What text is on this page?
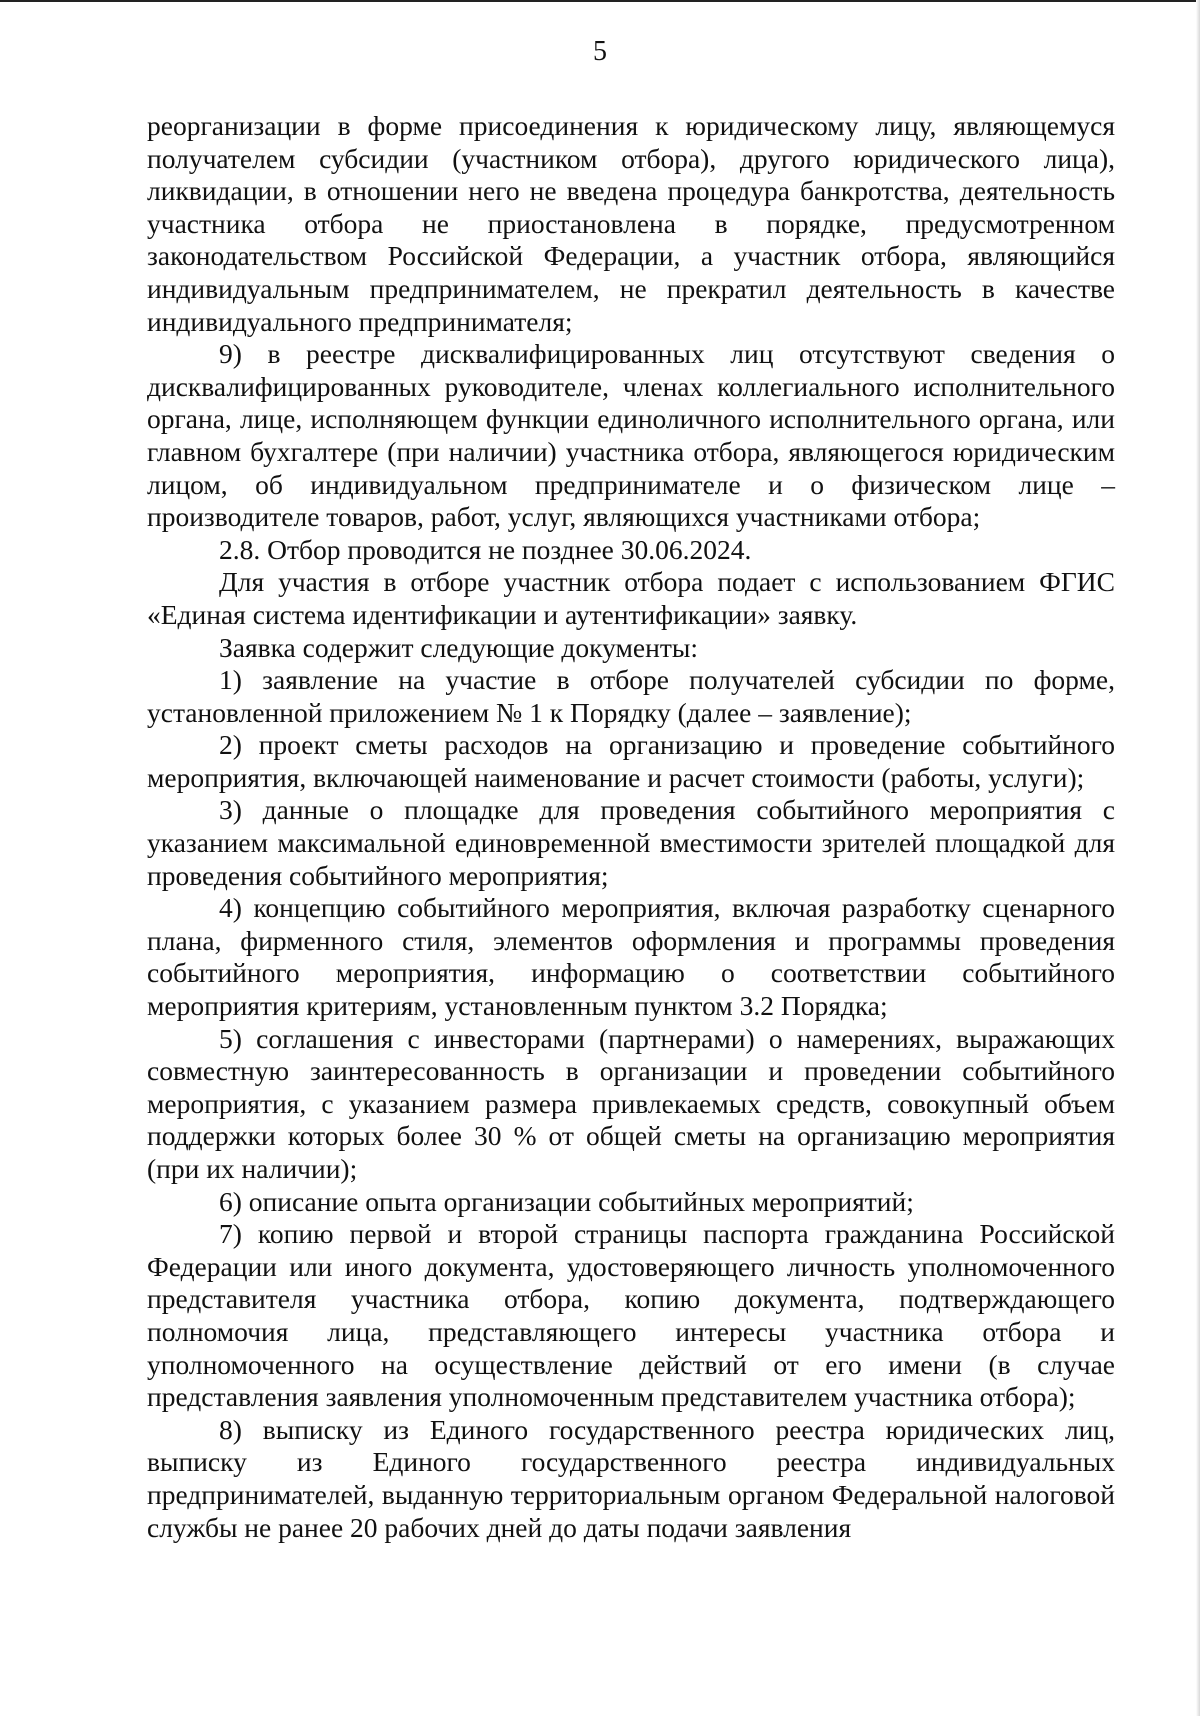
5

реорганизации в форме присоединения к юридическому лицу, являющемуся получателем субсидии (участником отбора), другого юридического лица), ликвидации, в отношении него не введена процедура банкротства, деятельность участника отбора не приостановлена в порядке, предусмотренном законодательством Российской Федерации, а участник отбора, являющийся индивидуальным предпринимателем, не прекратил деятельность в качестве индивидуального предпринимателя;

9) в реестре дисквалифицированных лиц отсутствуют сведения о дисквалифицированных руководителе, членах коллегиального исполнительного органа, лице, исполняющем функции единоличного исполнительного органа, или главном бухгалтере (при наличии) участника отбора, являющегося юридическим лицом, об индивидуальном предпринимателе и о физическом лице – производителе товаров, работ, услуг, являющихся участниками отбора;

2.8. Отбор проводится не позднее 30.06.2024.

Для участия в отборе участник отбора подает с использованием ФГИС «Единая система идентификации и аутентификации» заявку.

Заявка содержит следующие документы:

1) заявление на участие в отборе получателей субсидии по форме, установленной приложением № 1 к Порядку (далее – заявление);

2) проект сметы расходов на организацию и проведение событийного мероприятия, включающей наименование и расчет стоимости (работы, услуги);

3) данные о площадке для проведения событийного мероприятия с указанием максимальной единовременной вместимости зрителей площадкой для проведения событийного мероприятия;

4) концепцию событийного мероприятия, включая разработку сценарного плана, фирменного стиля, элементов оформления и программы проведения событийного мероприятия, информацию о соответствии событийного мероприятия критериям, установленным пунктом 3.2 Порядка;

5) соглашения с инвесторами (партнерами) о намерениях, выражающих совместную заинтересованность в организации и проведении событийного мероприятия, с указанием размера привлекаемых средств, совокупный объем поддержки которых более 30 % от общей сметы на организацию мероприятия (при их наличии);

6) описание опыта организации событийных мероприятий;

7) копию первой и второй страницы паспорта гражданина Российской Федерации или иного документа, удостоверяющего личность уполномоченного представителя участника отбора, копию документа, подтверждающего полномочия лица, представляющего интересы участника отбора и уполномоченного на осуществление действий от его имени (в случае представления заявления уполномоченным представителем участника отбора);

8) выписку из Единого государственного реестра юридических лиц, выписку из Единого государственного реестра индивидуальных предпринимателей, выданную территориальным органом Федеральной налоговой службы не ранее 20 рабочих дней до даты подачи заявления
